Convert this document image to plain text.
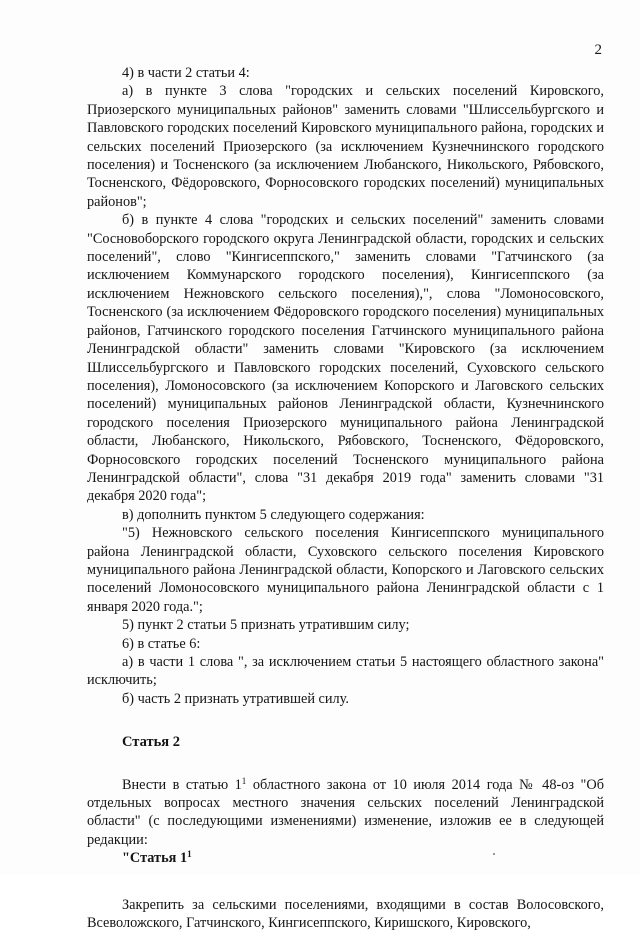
2

4) в части 2 статьи 4:

а) в пункте 3 слова "городских и сельских поселений Кировского, Приозерского муниципальных районов" заменить словами "Шлиссельбургского и Павловского городских поселений Кировского муниципального района, городских и сельских поселений Приозерского (за исключением Кузнечнинского городского поселения) и Тосненского (за исключением Любанского, Никольского, Рябовского, Тосненского, Фёдоровского, Форносовского городских поселений) муниципальных районов";

б) в пункте 4 слова "городских и сельских поселений" заменить словами "Сосновоборского городского округа Ленинградской области, городских и сельских поселений", слово "Кингисеппского," заменить словами "Гатчинского (за исключением Коммунарского городского поселения), Кингисеппского (за исключением Нежновского сельского поселения),", слова "Ломоносовского, Тосненского (за исключением Фёдоровского городского поселения) муниципальных районов, Гатчинского городского поселения Гатчинского муниципального района Ленинградской области" заменить словами "Кировского (за исключением Шлиссельбургского и Павловского городских поселений, Суховского сельского поселения), Ломоносовского (за исключением Копорского и Лаговского сельских поселений) муниципальных районов Ленинградской области, Кузнечнинского городского поселения Приозерского муниципального района Ленинградской области, Любанского, Никольского, Рябовского, Тосненского, Фёдоровского, Форносовского городских поселений Тосненского муниципального района Ленинградской области", слова "31 декабря 2019 года" заменить словами "31 декабря 2020 года";

в) дополнить пунктом 5 следующего содержания:

"5) Нежновского сельского поселения Кингисеппского муниципального района Ленинградской области, Суховского сельского поселения Кировского муниципального района Ленинградской области, Копорского и Лаговского сельских поселений Ломоносовского муниципального района Ленинградской области с 1 января 2020 года.";

5) пункт 2 статьи 5 признать утратившим силу;

6) в статье 6:

а) в части 1 слова ", за исключением статьи 5 настоящего областного закона" исключить;

б) часть 2 признать утратившей силу.

Статья 2

Внести в статью $1^1$ областного закона от 10 июля 2014 года № 48-оз "Об отдельных вопросах местного значения сельских поселений Ленинградской области" (с последующими изменениями) изменение, изложив ее в следующей редакции:

"Статья $1^1$

Закрепить за сельскими поселениями, входящими в состав Волосовского, Всеволожского, Гатчинского, Кингисеппского, Киришского, Кировского,
